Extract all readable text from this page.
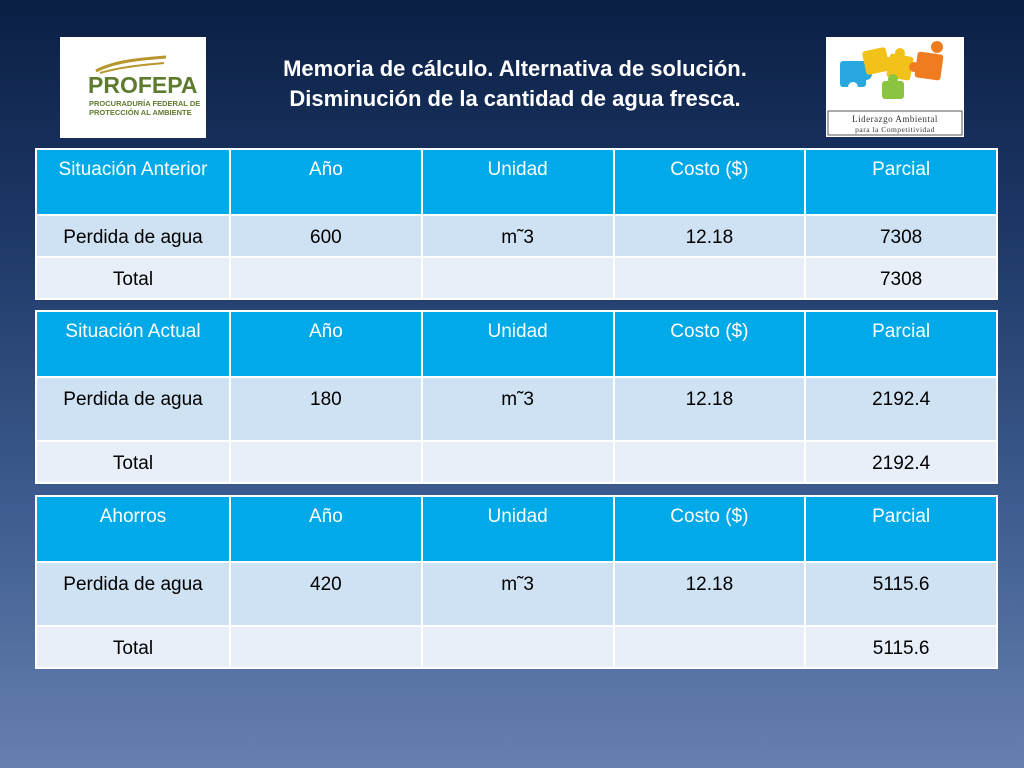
PROFEPA
PROCURADURÍA FEDERAL DE
PROTECCIÓN AL AMBIENTE
Memoria de cálculo. Alternativa de solución.
Disminución de la cantidad de agua fresca.
Liderazgo Ambiental
para la Competitividad
Situación Anterior	Año	Unidad	Costo ($)	Parcial
Perdida de agua	600	m˜3	12.18	7308
Total				7308
Situación Actual	Año	Unidad	Costo ($)	Parcial
Perdida de agua	180	m˜3	12.18	2192.4
Total				2192.4
Ahorros	Año	Unidad	Costo ($)	Parcial
Perdida de agua	420	m˜3	12.18	5115.6
Total				5115.6
